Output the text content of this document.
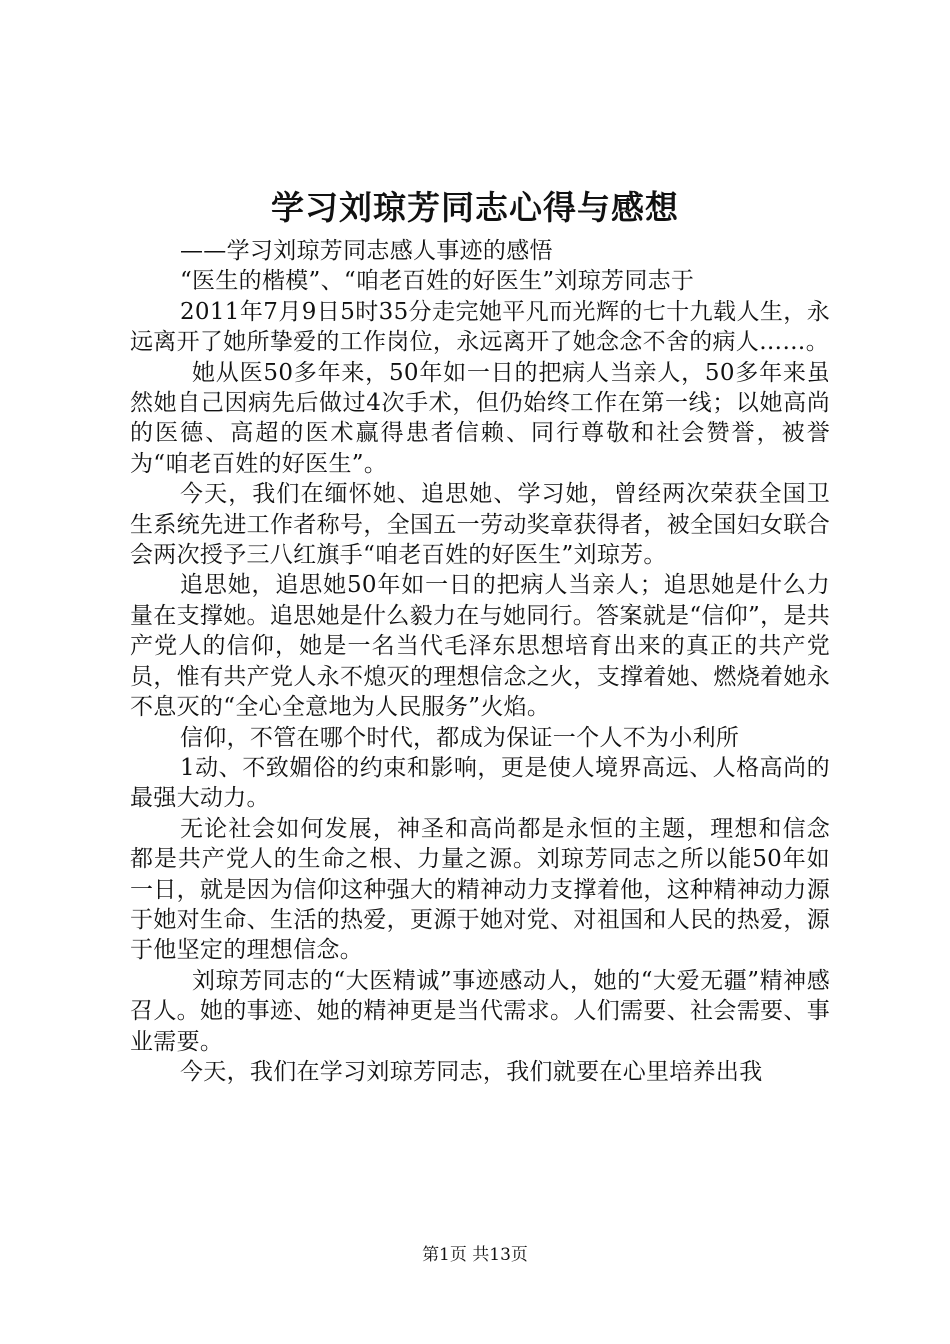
学习刘琼芳同志心得与感想

——学习刘琼芳同志感人事迹的感悟

“医生的楷模”、“咱老百姓的好医生”刘琼芳同志于

2011年7月9日5时35分走完她平凡而光辉的七十九载人生，永远离开了她所挚爱的工作岗位，永远离开了她念念不舍的病人……。

她从医50多年来，50年如一日的把病人当亲人，50多年来虽然她自己因病先后做过4次手术，但仍始终工作在第一线；以她高尚的医德、高超的医术赢得患者信赖、同行尊敬和社会赞誉，被誉为“咱老百姓的好医生”。

今天，我们在缅怀她、追思她、学习她，曾经两次荣获全国卫生系统先进工作者称号，全国五一劳动奖章获得者，被全国妇女联合会两次授予三八红旗手“咱老百姓的好医生”刘琼芳。

追思她，追思她50年如一日的把病人当亲人；追思她是什么力量在支撑她。追思她是什么毅力在与她同行。答案就是“信仰”，是共产党人的信仰，她是一名当代毛泽东思想培育出来的真正的共产党员，惟有共产党人永不熄灭的理想信念之火，支撑着她、燃烧着她永不息灭的“全心全意地为人民服务”火焰。

信仰，不管在哪个时代，都成为保证一个人不为小利所

1动、不致媚俗的约束和影响，更是使人境界高远、人格高尚的最强大动力。

无论社会如何发展，神圣和高尚都是永恒的主题，理想和信念都是共产党人的生命之根、力量之源。刘琼芳同志之所以能50年如一日，就是因为信仰这种强大的精神动力支撑着他，这种精神动力源于她对生命、生活的热爱，更源于她对党、对祖国和人民的热爱，源于他坚定的理想信念。

刘琼芳同志的“大医精诚”事迹感动人，她的“大爱无疆”精神感召人。她的事迹、她的精神更是当代需求。人们需要、社会需要、事业需要。

今天，我们在学习刘琼芳同志，我们就要在心里培养出我

第1页 共13页
